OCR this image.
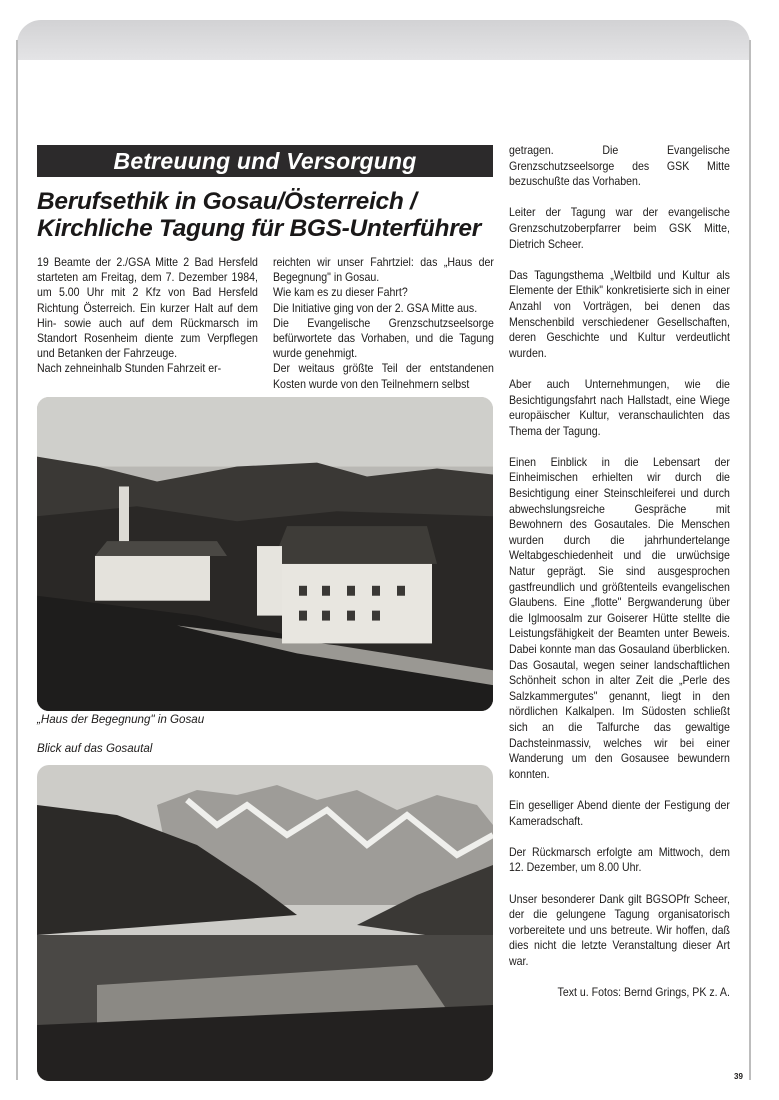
Betreuung und Versorgung
Berufsethik in Gosau/Österreich /
Kirchliche Tagung für BGS-Unterführer

19 Beamte der 2./GSA Mitte 2 Bad Hersfeld starteten am Freitag, dem 7. Dezember 1984, um 5.00 Uhr mit 2 Kfz von Bad Hersfeld Richtung Österreich. Ein kurzer Halt auf dem Hin- sowie auch auf dem Rückmarsch im Standort Rosenheim diente zum Verpflegen und Betanken der Fahrzeuge.

Nach zehneinhalb Stunden Fahrzeit er-

reichten wir unser Fahrtziel: das „Haus der Begegnung" in Gosau.

Wie kam es zu dieser Fahrt?

Die Initiative ging von der 2. GSA Mitte aus.

Die Evangelische Grenzschutzseelsorge befürwortete das Vorhaben, und die Tagung wurde genehmigt.

Der weitaus größte Teil der entstandenen Kosten wurde von den Teilnehmern selbst

getragen. Die Evangelische Grenzschutzseelsorge des GSK Mitte bezuschußte das Vorhaben.

Leiter der Tagung war der evangelische Grenzschutzoberpfarrer beim GSK Mitte, Dietrich Scheer.

Das Tagungsthema „Weltbild und Kultur als Elemente der Ethik" konkretisierte sich in einer Anzahl von Vorträgen, bei denen das Menschenbild verschiedener Gesellschaften, deren Geschichte und Kultur verdeutlicht wurden.

Aber auch Unternehmungen, wie die Besichtigungsfahrt nach Hallstadt, eine Wiege europäischer Kultur, veranschaulichten das Thema der Tagung.

Einen Einblick in die Lebensart der Einheimischen erhielten wir durch die Besichtigung einer Steinschleiferei und durch abwechslungsreiche Gespräche mit Bewohnern des Gosautales. Die Menschen wurden durch die jahrhundertelange Weltabgeschiedenheit und die urwüchsige Natur geprägt. Sie sind ausgesprochen gastfreundlich und größtenteils evangelischen Glaubens. Eine „flotte" Bergwanderung über die Iglmoosalm zur Goiserer Hütte stellte die Leistungsfähigkeit der Beamten unter Beweis. Dabei konnte man das Gosauland überblicken. Das Gosautal, wegen seiner landschaftlichen Schönheit schon in alter Zeit die „Perle des Salzkammergutes" genannt, liegt in den nördlichen Kalkalpen. Im Südosten schließt sich an die Talfurche das gewaltige Dachsteinmassiv, welches wir bei einer Wanderung um den Gosausee bewundern konnten.

Ein geselliger Abend diente der Festigung der Kameradschaft.

Der Rückmarsch erfolgte am Mittwoch, dem 12. Dezember, um 8.00 Uhr.

Unser besonderer Dank gilt BGSOPfr Scheer, der die gelungene Tagung organisatorisch vorbereitete und uns betreute. Wir hoffen, daß dies nicht die letzte Veranstaltung dieser Art war.

Text u. Fotos: Bernd Grings, PK z. A.

„Haus der Begegnung" in Gosau
Blick auf das Gosautal
39
